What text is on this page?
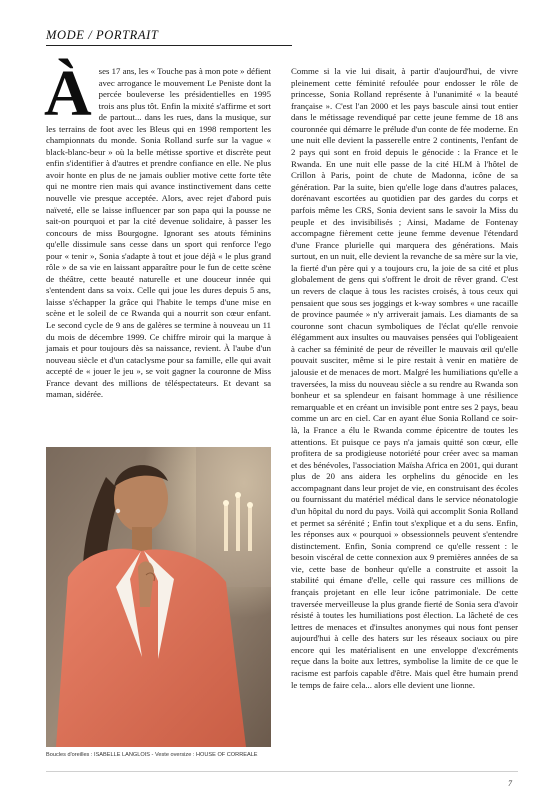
MODE / PORTRAIT

Àses 17 ans, les « Touche pas à mon pote » défient avec arrogance le mouvement Le Peniste dont la percée bouleverse les présidentielles en 1995 trois ans plus tôt. Enfin la mixité s'affirme et sort de partout... dans les rues, dans la musique, sur les terrains de foot avec les Bleus qui en 1998 remportent les championnats du monde. Sonia Rolland surfe sur la vague « black-blanc-beur » où la belle métisse sportive et discrète peut enfin s'identifier à d'autres et prendre confiance en elle. Ne plus avoir honte en plus de ne jamais oublier motive cette forte tête qui ne montre rien mais qui avance instinctivement dans cette nouvelle vie presque acceptée. Alors, avec rejet d'abord puis naïveté, elle se laisse influencer par son papa qui la pousse ne sait-on pourquoi et par la cité devenue solidaire, à passer les concours de miss Bourgogne. Ignorant ses atouts féminins qu'elle dissimule sans cesse dans un sport qui renforce l'ego pour « tenir », Sonia s'adapte à tout et joue déjà « le plus grand rôle » de sa vie en laissant apparaître pour le fun de cette scène de théâtre, cette beauté naturelle et une douceur innée qui s'entendent dans sa voix. Celle qui joue les dures depuis 5 ans, laisse s'échapper la grâce qui l'habite le temps d'une mise en scène et le soleil de ce Rwanda qui a nourrit son cœur enfant. Le second cycle de 9 ans de galères se termine à nouveau un 11 du mois de décembre 1999. Ce chiffre miroir qui la marque à jamais et pour toujours dès sa naissance, revient. À l'aube d'un nouveau siècle et d'un cataclysme pour sa famille, elle qui avait accepté de « jouer le jeu », se voit gagner la couronne de Miss France devant des millions de téléspectateurs. Et devant sa maman, sidérée.

Boucles d'oreilles : ISABELLE LANGLOIS - Veste oversize : HOUSE OF CORREALE

Comme si la vie lui disait, à partir d'aujourd'hui, de vivre pleinement cette féminité refoulée pour endosser le rôle de princesse, Sonia Rolland représente à l'unanimité « la beauté française ». C'est l'an 2000 et les pays bascule ainsi tout entier dans le métissage revendiqué par cette jeune femme de 18 ans couronnée qui démarre le prélude d'un conte de fée moderne. En une nuit elle devient la passerelle entre 2 continents, l'enfant de 2 pays qui sont en froid depuis le génocide : la France et le Rwanda. En une nuit elle passe de la cité HLM à l'hôtel de Crillon à Paris, point de chute de Madonna, icône de sa génération. Par la suite, bien qu'elle loge dans d'autres palaces, dorénavant escortées au quotidien par des gardes du corps et parfois même les CRS, Sonia devient sans le savoir la Miss du peuple et des invisibilisés ; Ainsi, Madame de Fontenay accompagne fièrement cette jeune femme devenue l'étendard d'une France plurielle qui marquera des générations. Mais surtout, en un nuit, elle devient la revanche de sa mère sur la vie, la fierté d'un père qui y a toujours cru, la joie de sa cité et plus globalement de gens qui s'offrent le droit de rêver grand. C'est un revers de claque à tous les racistes croisés, à tous ceux qui pensaient que sous ses joggings et k-way sombres « une racaille de province paumée » n'y arriverait jamais. Les diamants de sa couronne sont chacun symboliques de l'éclat qu'elle renvoie élégamment aux insultes ou mauvaises pensées qui l'obligeaient à cacher sa féminité de peur de réveiller le mauvais œil qu'elle pouvait susciter, même si le pire restait à venir en matière de jalousie et de menaces de mort. Malgré les humiliations qu'elle a traversées, la miss du nouveau siècle a su rendre au Rwanda son bonheur et sa splendeur en faisant hommage à une résilience remarquable et en créant un invisible pont entre ses 2 pays, beau comme un arc en ciel. Car en ayant élue Sonia Rolland ce soir-là, la France a élu le Rwanda comme épicentre de toutes les attentions. Et puisque ce pays n'a jamais quitté son cœur, elle profitera de sa prodigieuse notoriété pour créer avec sa maman et des bénévoles, l'association Maïsha Africa en 2001, qui durant plus de 20 ans aidera les orphelins du génocide en les accompagnant dans leur projet de vie, en construisant des écoles ou fournissant du matériel médical dans le service néonatologie d'un hôpital du nord du pays. Voilà qui accomplit Sonia Rolland et permet sa sérénité ; Enfin tout s'explique et a du sens. Enfin, les réponses aux « pourquoi » obsessionnels peuvent s'entendre distinctement. Enfin, Sonia comprend ce qu'elle ressent : le besoin viscéral de cette connexion aux 9 premières années de sa vie, cette base de bonheur qu'elle a construite et assoit la stabilité qui émane d'elle, celle qui rassure ces millions de français projetant en elle leur icône patrimoniale. De cette traversée merveilleuse la plus grande fierté de Sonia sera d'avoir résisté à toutes les humiliations post élection. La lâcheté de ces lettres de menaces et d'insultes anonymes qui nous font penser aujourd'hui à celle des haters sur les réseaux sociaux ou pire encore qui les matérialisent en une enveloppe d'excréments reçue dans la boite aux lettres, symbolise la limite de ce que le racisme est parfois capable d'être. Mais quel être humain prend le temps de faire cela... alors elle devient une lionne.

7
